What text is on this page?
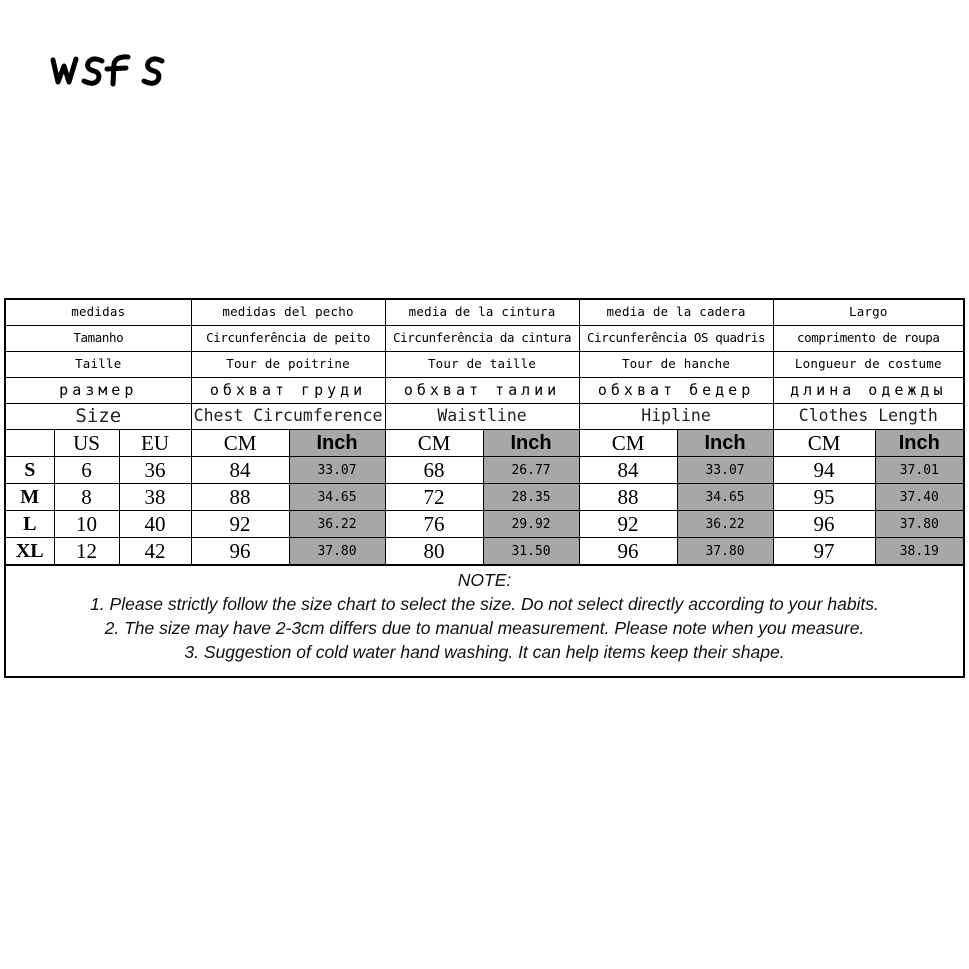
medidas			medidas del pecho		media de la cintura		media de la cadera		Largo	
Tamanho			Circunferência de peito		Circunferência da cintura		Circunferência OS quadris		comprimento de roupa	
Taille			Tour de poitrine		Tour de taille		Tour de hanche		Longueur de costume	
размер			обхват груди		обхват талии		обхват бедер		длина одежды	
Size			Chest Circumference		Waistline		Hipline		Clothes Length	
	US	EU	CM	Inch	CM	Inch	CM	Inch	CM	Inch
S	6	36	84	33.07	68	26.77	84	33.07	94	37.01
M	8	38	88	34.65	72	28.35	88	34.65	95	37.40
L	10	40	92	36.22	76	29.92	92	36.22	96	37.80
XL	12	42	96	37.80	80	31.50	96	37.80	97	38.19
NOTE:
1. Please strictly follow the size chart to select the size. Do not select directly according to your habits.
2. The size may have 2-3cm differs due to manual measurement. Please note when you measure.
3. Suggestion of cold water hand washing. It can help items keep their shape.
